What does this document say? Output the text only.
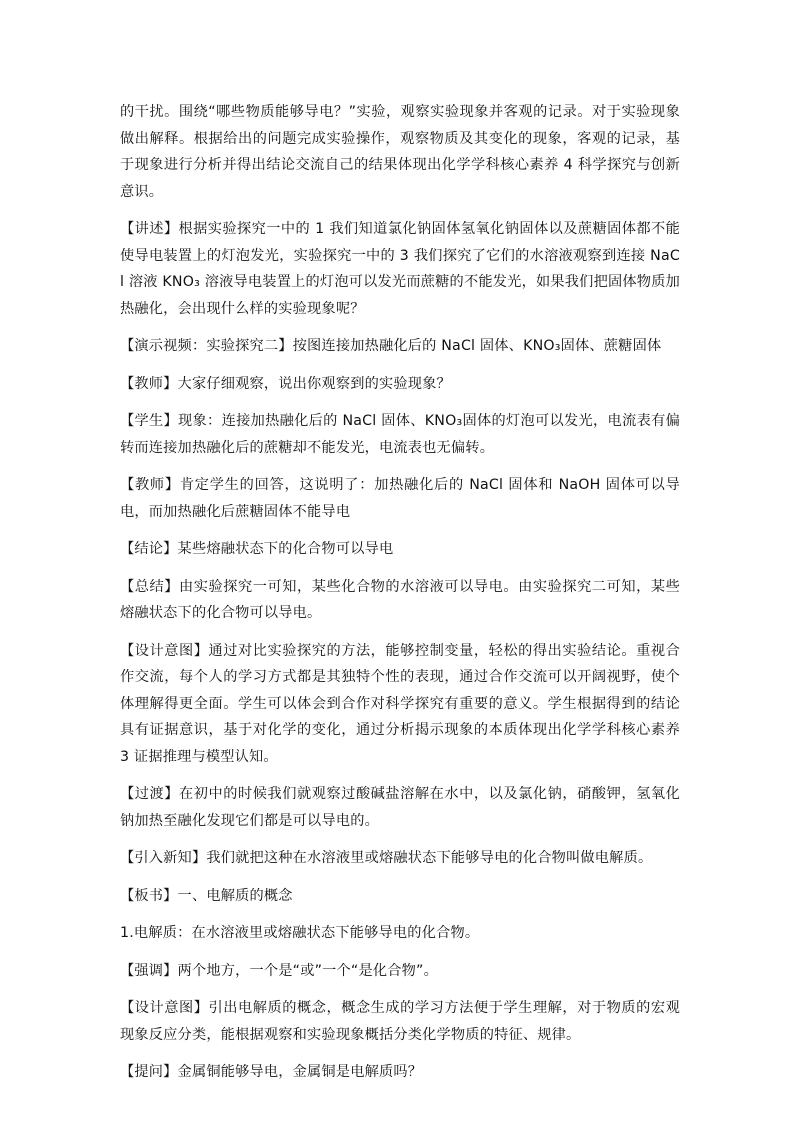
的干扰。围绕“哪些物质能够导电？”实验，观察实验现象并客观的记录。对于实验现象做出解释。根据给出的问题完成实验操作，观察物质及其变化的现象，客观的记录，基于现象进行分析并得出结论交流自己的结果体现出化学学科核心素养 4 科学探究与创新意识。

【讲述】根据实验探究一中的 1 我们知道氯化钠固体氢氧化钠固体以及蔗糖固体都不能使导电装置上的灯泡发光，实验探究一中的 3 我们探究了它们的水溶液观察到连接 NaCl 溶液 KNO₃ 溶液导电装置上的灯泡可以发光而蔗糖的不能发光，如果我们把固体物质加热融化，会出现什么样的实验现象呢？

【演示视频：实验探究二】按图连接加热融化后的 NaCl 固体、KNO₃固体、蔗糖固体

【教师】大家仔细观察，说出你观察到的实验现象？

【学生】现象：连接加热融化后的 NaCl 固体、KNO₃固体的灯泡可以发光，电流表有偏转而连接加热融化后的蔗糖却不能发光，电流表也无偏转。

【教师】肯定学生的回答，这说明了：加热融化后的 NaCl 固体和 NaOH 固体可以导电，而加热融化后蔗糖固体不能导电

【结论】某些熔融状态下的化合物可以导电

【总结】由实验探究一可知，某些化合物的水溶液可以导电。由实验探究二可知，某些熔融状态下的化合物可以导电。

【设计意图】通过对比实验探究的方法，能够控制变量，轻松的得出实验结论。重视合作交流，每个人的学习方式都是其独特个性的表现，通过合作交流可以开阔视野，使个体理解得更全面。学生可以体会到合作对科学探究有重要的意义。学生根据得到的结论具有证据意识，基于对化学的变化，通过分析揭示现象的本质体现出化学学科核心素养 3 证据推理与模型认知。

【过渡】在初中的时候我们就观察过酸碱盐溶解在水中，以及氯化钠，硝酸钾，氢氧化钠加热至融化发现它们都是可以导电的。

【引入新知】我们就把这种在水溶液里或熔融状态下能够导电的化合物叫做电解质。

【板书】一、电解质的概念

1.电解质：在水溶液里或熔融状态下能够导电的化合物。

【强调】两个地方，一个是“或”一个“是化合物”。

【设计意图】引出电解质的概念，概念生成的学习方法便于学生理解，对于物质的宏观现象反应分类，能根据观察和实验现象概括分类化学物质的特征、规律。

【提问】金属铜能够导电，金属铜是电解质吗？
